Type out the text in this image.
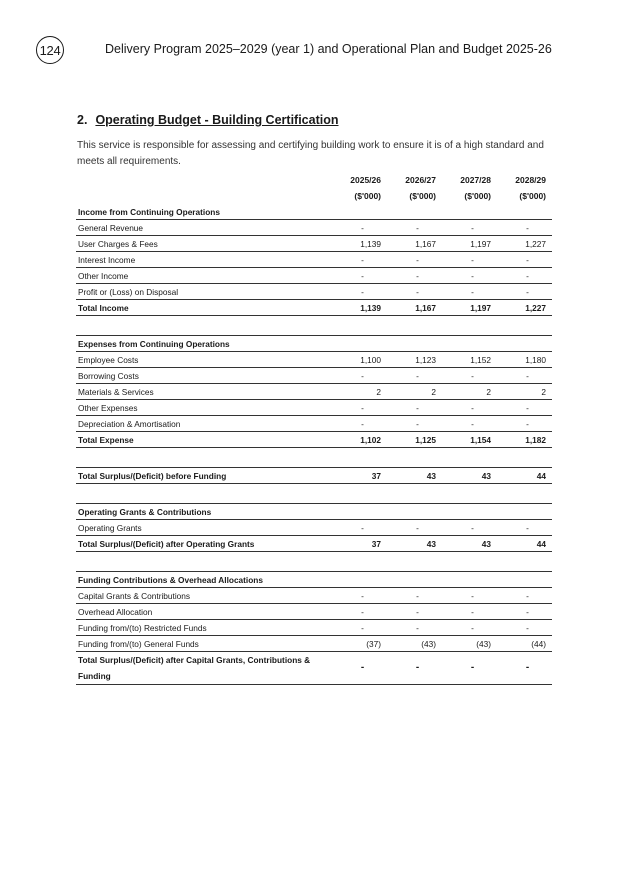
124	Delivery Program 2025–2029 (year 1) and Operational Plan and Budget 2025-26
2. Operating Budget - Building Certification
This service is responsible for assessing and certifying building work to ensure it is of a high standard and meets all requirements.
	2025/26	2026/27	2027/28	2028/29
	($'000)	($'000)	($'000)	($'000)
Income from Continuing Operations				
General Revenue	-	-	-	-
User Charges & Fees	1,139	1,167	1,197	1,227
Interest Income	-	-	-	-
Other Income	-	-	-	-
Profit or (Loss) on Disposal	-	-	-	-
Total Income	1,139	1,167	1,197	1,227

Expenses from Continuing Operations				
Employee Costs	1,100	1,123	1,152	1,180
Borrowing Costs	-	-	-	-
Materials & Services	2	2	2	2
Other Expenses	-	-	-	-
Depreciation & Amortisation	-	-	-	-
Total Expense	1,102	1,125	1,154	1,182

Total Surplus/(Deficit) before Funding	37	43	43	44

Operating Grants & Contributions				
Operating Grants	-	-	-	-
Total Surplus/(Deficit) after Operating Grants	37	43	43	44

Funding Contributions & Overhead Allocations				
Capital Grants & Contributions	-	-	-	-
Overhead Allocation	-	-	-	-
Funding from/(to) Restricted Funds	-	-	-	-
Funding from/(to) General Funds	(37)	(43)	(43)	(44)
Total Surplus/(Deficit) after Capital Grants, Contributions & Funding	-	-	-	-
